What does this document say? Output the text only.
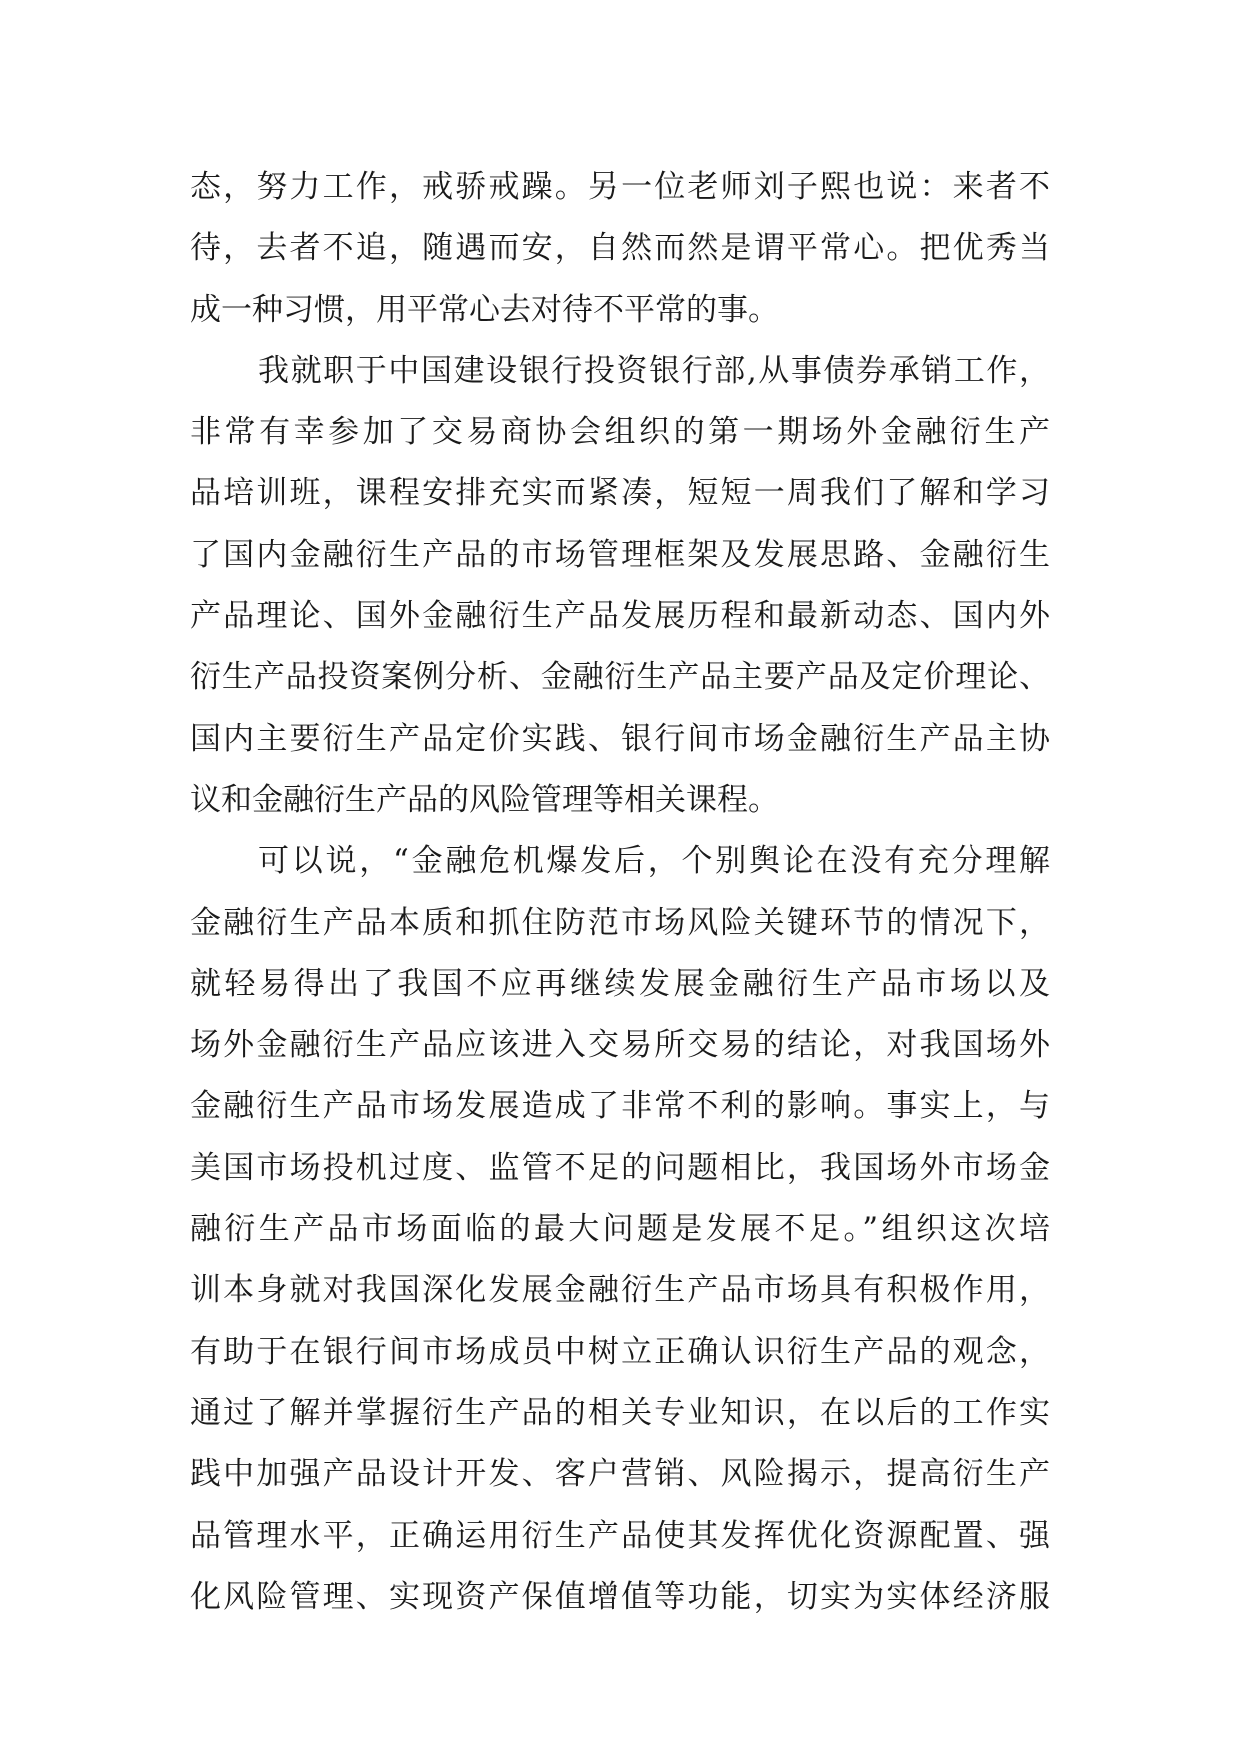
态，努力工作，戒骄戒躁。另一位老师刘子熙也说：来者不
待，去者不追，随遇而安，自然而然是谓平常心。把优秀当
成一种习惯，用平常心去对待不平常的事。
我就职于中国建设银行投资银行部,从事债券承销工作，
非常有幸参加了交易商协会组织的第一期场外金融衍生产
品培训班，课程安排充实而紧凑，短短一周我们了解和学习
了国内金融衍生产品的市场管理框架及发展思路、金融衍生
产品理论、国外金融衍生产品发展历程和最新动态、国内外
衍生产品投资案例分析、金融衍生产品主要产品及定价理论、
国内主要衍生产品定价实践、银行间市场金融衍生产品主协
议和金融衍生产品的风险管理等相关课程。
可以说，“金融危机爆发后，个别舆论在没有充分理解
金融衍生产品本质和抓住防范市场风险关键环节的情况下，
就轻易得出了我国不应再继续发展金融衍生产品市场以及
场外金融衍生产品应该进入交易所交易的结论，对我国场外
金融衍生产品市场发展造成了非常不利的影响。事实上，与
美国市场投机过度、监管不足的问题相比，我国场外市场金
融衍生产品市场面临的最大问题是发展不足。”组织这次培
训本身就对我国深化发展金融衍生产品市场具有积极作用，
有助于在银行间市场成员中树立正确认识衍生产品的观念，
通过了解并掌握衍生产品的相关专业知识，在以后的工作实
践中加强产品设计开发、客户营销、风险揭示，提高衍生产
品管理水平，正确运用衍生产品使其发挥优化资源配置、强
化风险管理、实现资产保值增值等功能，切实为实体经济服
